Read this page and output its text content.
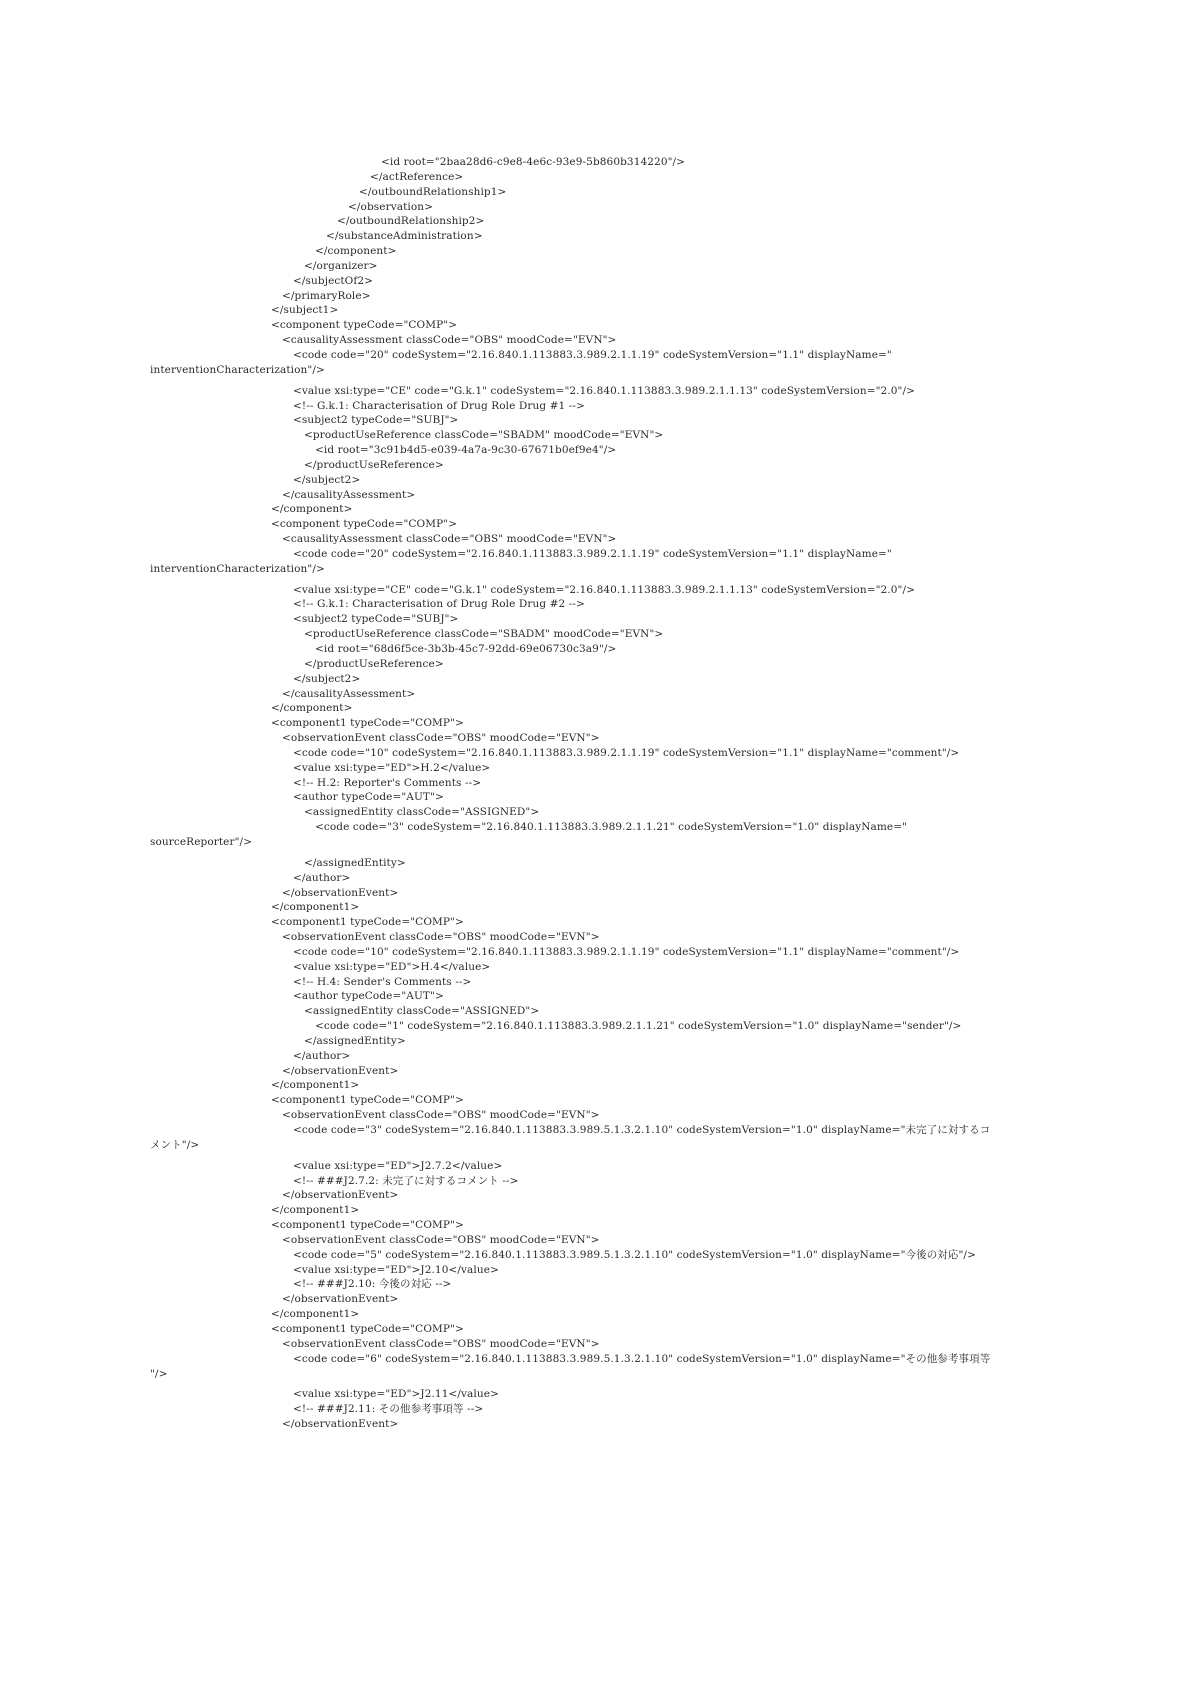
<id root="2baa28d6-c9e8-4e6c-93e9-5b860b314220"/>
</actReference>
</outboundRelationship1>
</observation>
</outboundRelationship2>
</substanceAdministration>
</component>
</organizer>
</subjectOf2>
</primaryRole>
</subject1>
<component typeCode="COMP">
<causalityAssessment classCode="OBS" moodCode="EVN">
<code code="20" codeSystem="2.16.840.1.113883.3.989.2.1.1.19" codeSystemVersion="1.1" displayName="
interventionCharacterization"/>
<value xsi:type="CE" code="G.k.1" codeSystem="2.16.840.1.113883.3.989.2.1.1.13" codeSystemVersion="2.0"/>
<!-- G.k.1: Characterisation of Drug Role Drug #1 -->
<subject2 typeCode="SUBJ">
<productUseReference classCode="SBADM" moodCode="EVN">
<id root="3c91b4d5-e039-4a7a-9c30-67671b0ef9e4"/>
</productUseReference>
</subject2>
</causalityAssessment>
</component>
<component typeCode="COMP">
<causalityAssessment classCode="OBS" moodCode="EVN">
<code code="20" codeSystem="2.16.840.1.113883.3.989.2.1.1.19" codeSystemVersion="1.1" displayName="
interventionCharacterization"/>
<value xsi:type="CE" code="G.k.1" codeSystem="2.16.840.1.113883.3.989.2.1.1.13" codeSystemVersion="2.0"/>
<!-- G.k.1: Characterisation of Drug Role Drug #2 -->
<subject2 typeCode="SUBJ">
<productUseReference classCode="SBADM" moodCode="EVN">
<id root="68d6f5ce-3b3b-45c7-92dd-69e06730c3a9"/>
</productUseReference>
</subject2>
</causalityAssessment>
</component>
<component1 typeCode="COMP">
<observationEvent classCode="OBS" moodCode="EVN">
<code code="10" codeSystem="2.16.840.1.113883.3.989.2.1.1.19" codeSystemVersion="1.1" displayName="comment"/>
<value xsi:type="ED">H.2</value>
<!-- H.2: Reporter's Comments -->
<author typeCode="AUT">
<assignedEntity classCode="ASSIGNED">
<code code="3" codeSystem="2.16.840.1.113883.3.989.2.1.1.21" codeSystemVersion="1.0" displayName="
sourceReporter"/>
</assignedEntity>
</author>
</observationEvent>
</component1>
<component1 typeCode="COMP">
<observationEvent classCode="OBS" moodCode="EVN">
<code code="10" codeSystem="2.16.840.1.113883.3.989.2.1.1.19" codeSystemVersion="1.1" displayName="comment"/>
<value xsi:type="ED">H.4</value>
<!-- H.4: Sender's Comments -->
<author typeCode="AUT">
<assignedEntity classCode="ASSIGNED">
<code code="1" codeSystem="2.16.840.1.113883.3.989.2.1.1.21" codeSystemVersion="1.0" displayName="sender"/>
</assignedEntity>
</author>
</observationEvent>
</component1>
<component1 typeCode="COMP">
<observationEvent classCode="OBS" moodCode="EVN">
<code code="3" codeSystem="2.16.840.1.113883.3.989.5.1.3.2.1.10" codeSystemVersion="1.0" displayName="未完了に対するコ
メント"/>
<value xsi:type="ED">J2.7.2</value>
<!-- ###J2.7.2: 未完了に対するコメント -->
</observationEvent>
</component1>
<component1 typeCode="COMP">
<observationEvent classCode="OBS" moodCode="EVN">
<code code="5" codeSystem="2.16.840.1.113883.3.989.5.1.3.2.1.10" codeSystemVersion="1.0" displayName="今後の対応"/>
<value xsi:type="ED">J2.10</value>
<!-- ###J2.10: 今後の対応 -->
</observationEvent>
</component1>
<component1 typeCode="COMP">
<observationEvent classCode="OBS" moodCode="EVN">
<code code="6" codeSystem="2.16.840.1.113883.3.989.5.1.3.2.1.10" codeSystemVersion="1.0" displayName="その他参考事項等
"/>
<value xsi:type="ED">J2.11</value>
<!-- ###J2.11: その他参考事項等 -->
</observationEvent>
